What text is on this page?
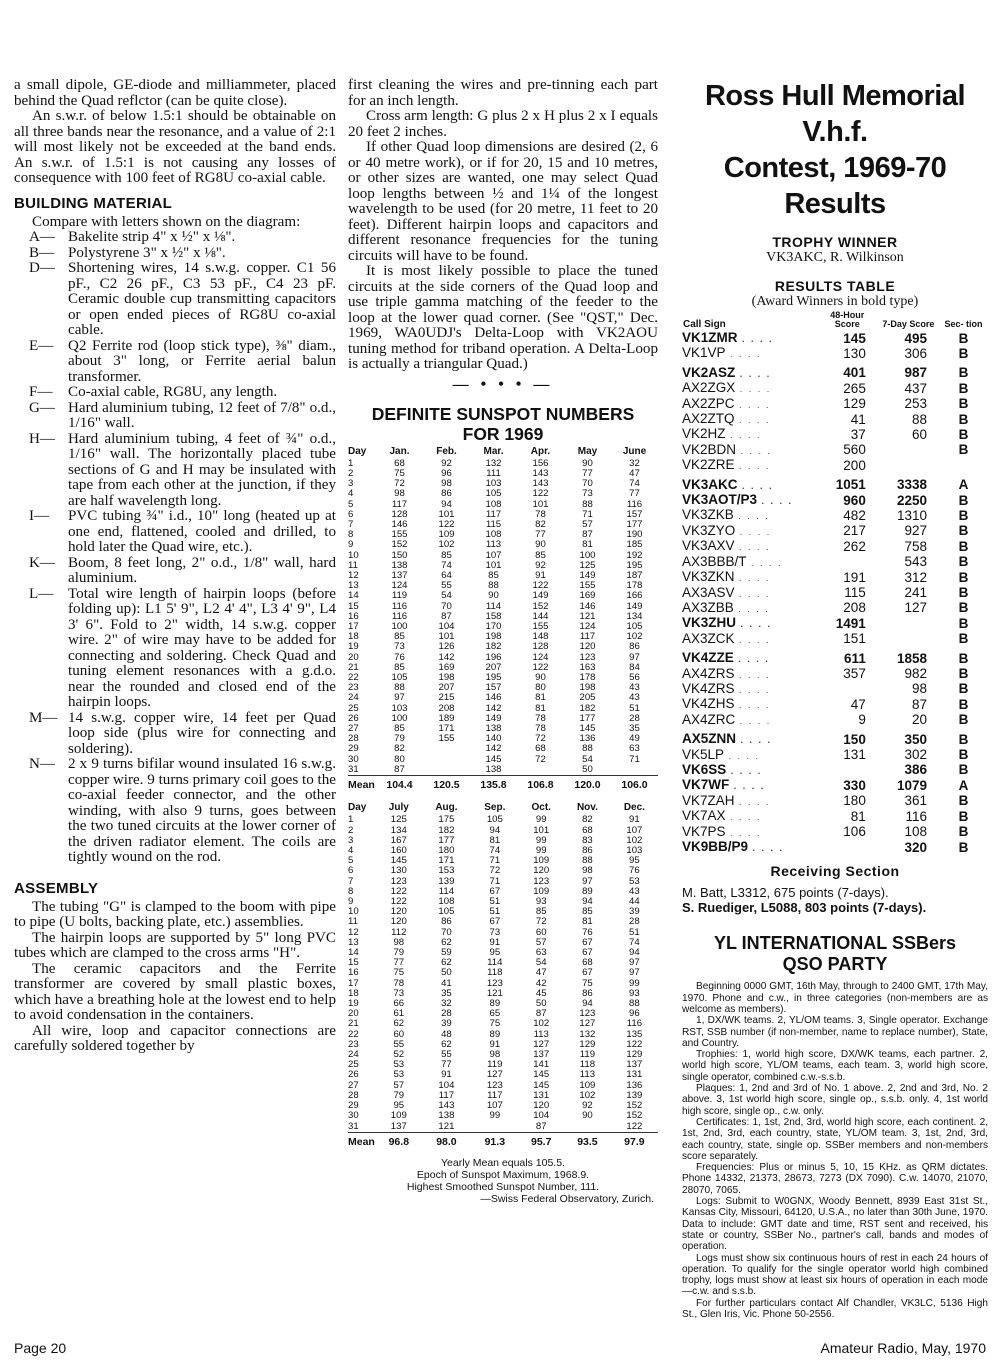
a small dipole, GE-diode and milliammeter, placed behind the Quad reflctor (can be quite close).

An s.w.r. of below 1.5:1 should be obtainable on all three bands near the resonance, and a value of 2:1 will most likely not be exceeded at the band ends. An s.w.r. of 1.5:1 is not causing any losses of consequence with 100 feet of RG8U co-axial cable.

BUILDING MATERIAL

Compare with letters shown on the diagram:

A— Bakelite strip 4" x ½" x ⅛".
B— Polystyrene 3" x ½" x ⅛".
D— Shortening wires, 14 s.w.g. copper. C1 56 pF., C2 26 pF., C3 53 pF., C4 23 pF. Ceramic double cup transmitting capacitors or open ended pieces of RG8U co-axial cable.
E— Q2 Ferrite rod (loop stick type), ⅜" diam., about 3" long, or Ferrite aerial balun transformer.
F— Co-axial cable, RG8U, any length.
G— Hard aluminium tubing, 12 feet of 7/8" o.d., 1/16" wall.
H— Hard aluminium tubing, 4 feet of ¾" o.d., 1/16" wall. The horizontally placed tube sections of G and H may be insulated with tape from each other at the junction, if they are half wavelength long.
I— PVC tubing ¾" i.d., 10" long (heated up at one end, flattened, cooled and drilled, to hold later the Quad wire, etc.).
K— Boom, 8 feet long, 2" o.d., 1/8" wall, hard aluminium.
L— Total wire length of hairpin loops (before folding up): L1 5' 9", L2 4' 4", L3 4' 9", L4 3' 6". Fold to 2" width, 14 s.w.g. copper wire. 2" of wire may have to be added for connecting and soldering. Check Quad and tuning element resonances with a g.d.o. near the rounded and closed end of the hairpin loops.
M— 14 s.w.g. copper wire, 14 feet per Quad loop side (plus wire for connecting and soldering).
N— 2 x 9 turns bifilar wound insulated 16 s.w.g. copper wire. 9 turns primary coil goes to the co-axial feeder connector, and the other winding, with also 9 turns, goes between the two tuned circuits at the lower corner of the driven radiator element. The coils are tightly wound on the rod.
ASSEMBLY

The tubing "G" is clamped to the boom with pipe to pipe (U bolts, backing plate, etc.) assemblies.

The hairpin loops are supported by 5" long PVC tubes which are clamped to the cross arms "H".

The ceramic capacitors and the Ferrite transformer are covered by small plastic boxes, which have a breathing hole at the lowest end to help to avoid condensation in the containers.

All wire, loop and capacitor connections are carefully soldered together by

first cleaning the wires and pre-tinning each part for an inch length.

Cross arm length: G plus 2 x H plus 2 x I equals 20 feet 2 inches.

If other Quad loop dimensions are desired (2, 6 or 40 metre work), or if for 20, 15 and 10 metres, or other sizes are wanted, one may select Quad loop lengths between ½ and 1¼ of the longest wavelength to be used (for 20 metre, 11 feet to 20 feet). Different hairpin loops and capacitors and different resonance frequencies for the tuning circuits will have to be found.

It is most likely possible to place the tuned circuits at the side corners of the Quad loop and use triple gamma matching of the feeder to the loop at the lower quad corner. (See "QST," Dec. 1969, WA0UDJ's Delta-Loop with VK2AOU tuning method for triband operation. A Delta-Loop is actually a triangular Quad.)

— • • • —
DEFINITE SUNSPOT NUMBERS
FOR 1969
Day	Jan.	Feb.	Mar.	Apr.	May	June
1	68	92	132	156	90	32
2	75	96	111	143	77	47
3	72	98	103	143	70	74
4	98	86	105	122	73	77
5	117	94	108	101	88	116
6	128	101	117	78	71	157
7	146	122	115	82	57	177
8	155	109	108	77	87	190
9	152	102	113	90	81	185
10	150	85	107	85	100	192
11	138	74	101	92	125	195
12	137	64	85	91	149	187
13	124	55	88	122	155	178
14	119	54	90	149	169	166
15	116	70	114	152	146	149
16	116	87	158	144	121	134
17	100	104	170	155	124	105
18	85	101	198	148	117	102
19	73	126	182	128	120	86
20	76	142	196	124	123	97
21	85	169	207	122	163	84
22	105	198	195	90	178	56
23	88	207	157	80	198	43
24	97	215	146	81	205	43
25	103	208	142	81	182	51
26	100	189	149	78	177	28
27	85	171	138	78	145	35
28	79	155	140	72	136	49
29	82		142	68	88	63
30	80		145	72	54	71
31	87		138		50	
Mean	104.4	120.5	135.8	106.8	120.0	106.0
Day	July	Aug.	Sep.	Oct.	Nov.	Dec.
1	125	175	105	99	82	91
2	134	182	94	101	68	107
3	167	177	81	99	83	102
4	160	180	74	99	86	103
5	145	171	71	109	88	95
6	130	153	72	120	98	76
7	123	139	71	123	97	53
8	122	114	67	109	89	43
9	122	108	51	93	94	44
10	120	105	51	85	85	39
11	120	86	67	72	81	28
12	112	70	73	60	76	51
13	98	62	91	57	67	74
14	79	59	95	63	67	94
15	77	62	114	54	68	97
16	75	50	118	47	67	97
17	78	41	123	42	75	99
18	73	35	121	45	86	93
19	66	32	89	50	94	88
20	61	28	65	87	123	96
21	62	39	75	102	127	116
22	60	48	89	113	132	135
23	55	62	91	127	129	122
24	52	55	98	137	119	129
25	53	77	119	141	118	137
26	53	91	127	145	113	131
27	57	104	123	145	109	136
28	79	117	117	131	102	139
29	95	143	107	120	92	152
30	109	138	99	104	90	152
31	137	121		87		122
Mean	96.8	98.0	91.3	95.7	93.5	97.9
Yearly Mean equals 105.5.
Epoch of Sunspot Maximum, 1968.9.
Highest Smoothed Sunspot Number, 111.
—Swiss Federal Observatory, Zurich.
Ross Hull Memorial V.h.f.
Contest, 1969-70 Results
TROPHY WINNER
VK3AKC, R. Wilkinson
RESULTS TABLE
(Award Winners in bold type)
Call Sign	48-Hour Score	7-Day Score	Sec- tion
VK1ZMR . . . .	145	495	B
VK1VP . . . .	130	306	B
VK2ASZ . . . .	401	987	B
AX2ZGX . . . .	265	437	B
AX2ZPC . . . .	129	253	B
AX2ZTQ . . . .	41	88	B
VK2HZ . . . .	37	60	B
VK2BDN . . . .	560		B
VK2ZRE . . . .	200		
VK3AKC . . . .	1051	3338	A
VK3AOT/P3 . . . .	960	2250	B
VK3ZKB . . . .	482	1310	B
VK3ZYO . . . .	217	927	B
VK3AXV . . . .	262	758	B
AX3BBB/T . . . .		543	B
VK3ZKN . . . .	191	312	B
AX3ASV . . . .	115	241	B
AX3ZBB . . . .	208	127	B
VK3ZHU . . . .	1491		B
AX3ZCK . . . .	151		B
VK4ZZE . . . .	611	1858	B
AX4ZRS . . . .	357	982	B
VK4ZRS . . . .		98	B
VK4ZHS . . . .	47	87	B
AX4ZRC . . . .	9	20	B
AX5ZNN . . . .	150	350	B
VK5LP . . . .	131	302	B
VK6SS . . . .		386	B
VK7WF . . . .	330	1079	A
VK7ZAH . . . .	180	361	B
VK7AX . . . .	81	116	B
VK7PS . . . .	106	108	B
VK9BB/P9 . . . .		320	B
Receiving Section
M. Batt, L3312, 675 points (7-days).
S. Ruediger, L5088, 803 points (7-days).
YL INTERNATIONAL SSBers
QSO PARTY

Beginning 0000 GMT, 16th May, through to 2400 GMT, 17th May, 1970. Phone and c.w., in three categories (non-members are as welcome as members).

1, DX/WK teams. 2, YL/OM teams. 3, Single operator. Exchange RST, SSB number (if non-member, name to replace number), State, and Country.

Trophies: 1, world high score, DX/WK teams, each partner. 2, world high score, YL/OM teams, each team. 3, world high score, single operator, combined c.w.-s.s.b.

Plaques: 1, 2nd and 3rd of No. 1 above. 2, 2nd and 3rd, No. 2 above. 3, 1st world high score, single op., s.s.b. only. 4, 1st world high score, single op., c.w. only.

Certificates: 1, 1st, 2nd, 3rd, world high score, each continent. 2, 1st, 2nd, 3rd, each country, state, YL/OM team. 3, 1st, 2nd, 3rd, each country, state, single op. SSBer members and non-members score separately.

Frequencies: Plus or minus 5, 10, 15 KHz. as QRM dictates. Phone 14332, 21373, 28673, 7273 (DX 7090). C.w. 14070, 21070, 28070, 7065.

Logs: Submit to W0GNX, Woody Bennett, 8939 East 31st St., Kansas City, Missouri, 64120, U.S.A., no later than 30th June, 1970. Data to include: GMT date and time, RST sent and received, his state or country, SSBer No., partner's call, bands and modes of operation.

Logs must show six continuous hours of rest in each 24 hours of operation. To qualify for the single operator world high combined trophy, logs must show at least six hours of operation in each mode—c.w. and s.s.b.

For further particulars contact Alf Chandler, VK3LC, 5136 High St., Glen Iris, Vic. Phone 50-2556.

Page 20	Amateur Radio, May, 1970
